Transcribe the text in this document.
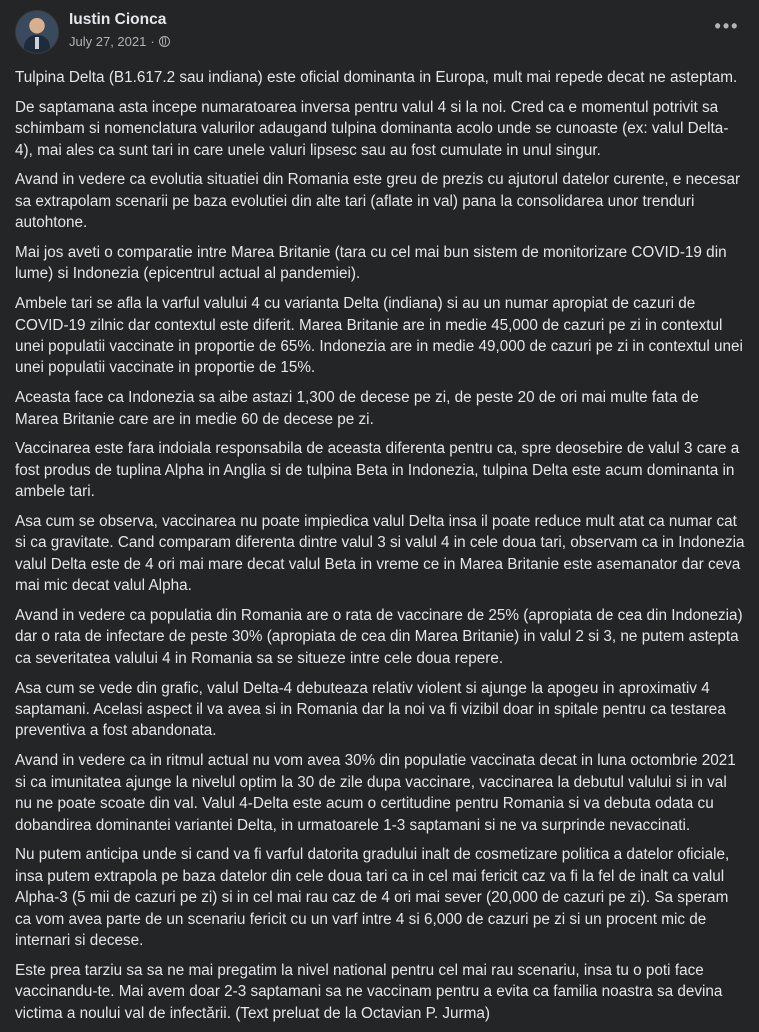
Iustin Cionca
July 27, 2021 ·
•••

Tulpina Delta (B1.617.2 sau indiana) este oficial dominanta in Europa, mult mai repede decat ne asteptam.

De saptamana asta incepe numaratoarea inversa pentru valul 4 si la noi. Cred ca e momentul potrivit sa schimbam si nomenclatura valurilor adaugand tulpina dominanta acolo unde se cunoaste (ex: valul Delta-4), mai ales ca sunt tari in care unele valuri lipsesc sau au fost cumulate in unul singur.

Avand in vedere ca evolutia situatiei din Romania este greu de prezis cu ajutorul datelor curente, e necesar sa extrapolam scenarii pe baza evolutiei din alte tari (aflate in val) pana la consolidarea unor trenduri autohtone.

Mai jos aveti o comparatie intre Marea Britanie (tara cu cel mai bun sistem de monitorizare COVID-19 din lume) si Indonezia (epicentrul actual al pandemiei).

Ambele tari se afla la varful valului 4 cu varianta Delta (indiana) si au un numar apropiat de cazuri de COVID-19 zilnic dar contextul este diferit. Marea Britanie are in medie 45,000 de cazuri pe zi in contextul unei populatii vaccinate in proportie de 65%. Indonezia are in medie 49,000 de cazuri pe zi in contextul unei unei populatii vaccinate in proportie de 15%.

Aceasta face ca Indonezia sa aibe astazi 1,300 de decese pe zi, de peste 20 de ori mai multe fata de Marea Britanie care are in medie 60 de decese pe zi.

Vaccinarea este fara indoiala responsabila de aceasta diferenta pentru ca, spre deosebire de valul 3 care a fost produs de tuplina Alpha in Anglia si de tulpina Beta in Indonezia, tulpina Delta este acum dominanta in ambele tari.

Asa cum se observa, vaccinarea nu poate impiedica valul Delta insa il poate reduce mult atat ca numar cat si ca gravitate. Cand comparam diferenta dintre valul 3 si valul 4 in cele doua tari, observam ca in Indonezia valul Delta este de 4 ori mai mare decat valul Beta in vreme ce in Marea Britanie este asemanator dar ceva mai mic decat valul Alpha.

Avand in vedere ca populatia din Romania are o rata de vaccinare de 25% (apropiata de cea din Indonezia) dar o rata de infectare de peste 30% (apropiata de cea din Marea Britanie) in valul 2 si 3, ne putem astepta ca severitatea valului 4 in Romania sa se situeze intre cele doua repere.

Asa cum se vede din grafic, valul Delta-4 debuteaza relativ violent si ajunge la apogeu in aproximativ 4 saptamani. Acelasi aspect il va avea si in Romania dar la noi va fi vizibil doar in spitale pentru ca testarea preventiva a fost abandonata.

Avand in vedere ca in ritmul actual nu vom avea 30% din populatie vaccinata decat in luna octombrie 2021 si ca imunitatea ajunge la nivelul optim la 30 de zile dupa vaccinare, vaccinarea la debutul valului si in val nu ne poate scoate din val. Valul 4-Delta este acum o certitudine pentru Romania si va debuta odata cu dobandirea dominantei variantei Delta, in urmatoarele 1-3 saptamani si ne va surprinde nevaccinati.

Nu putem anticipa unde si cand va fi varful datorita gradului inalt de cosmetizare politica a datelor oficiale, insa putem extrapola pe baza datelor din cele doua tari ca in cel mai fericit caz va fi la fel de inalt ca valul Alpha-3 (5 mii de cazuri pe zi) si in cel mai rau caz de 4 ori mai sever (20,000 de cazuri pe zi). Sa speram ca vom avea parte de un scenariu fericit cu un varf intre 4 si 6,000 de cazuri pe zi si un procent mic de internari si decese.

Este prea tarziu sa sa ne mai pregatim la nivel national pentru cel mai rau scenariu, insa tu o poti face vaccinandu-te. Mai avem doar 2-3 saptamani sa ne vaccinam pentru a evita ca familia noastra sa devina victima a noului val de infectării. (Text preluat de la Octavian P. Jurma)
